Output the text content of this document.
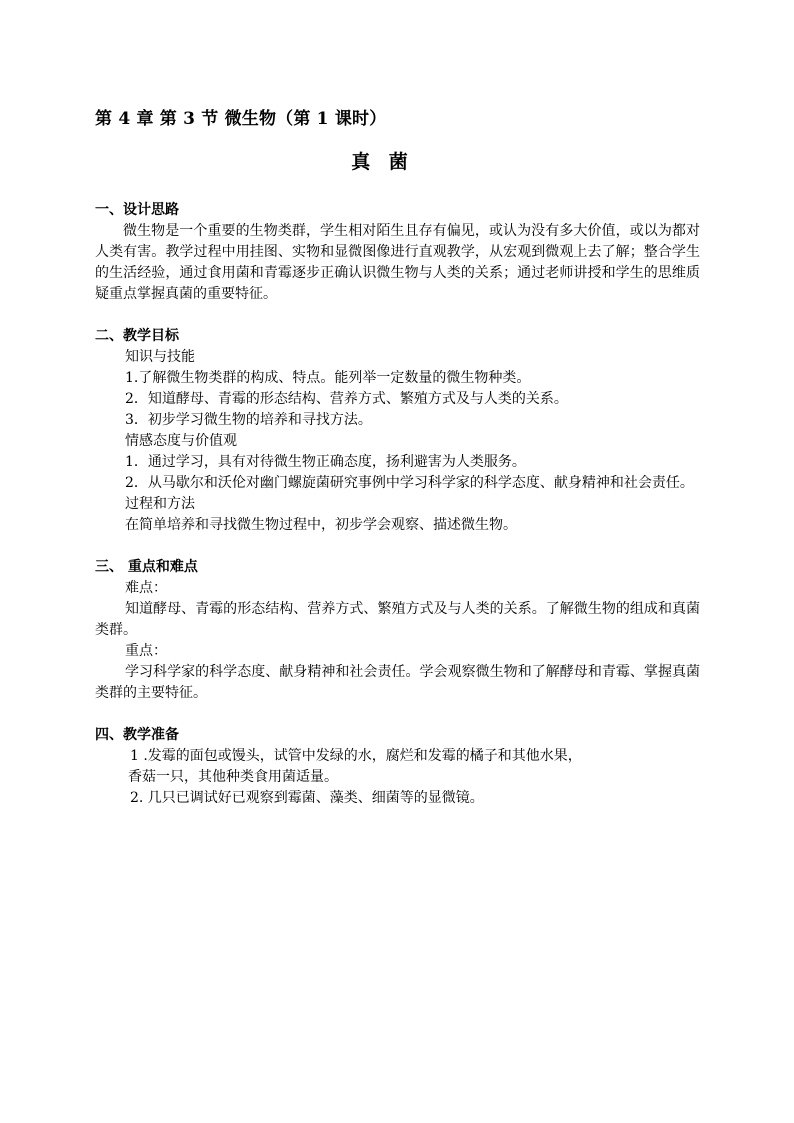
第 4 章 第 3 节 微生物（第 1 课时）
真 菌
一、设计思路
微生物是一个重要的生物类群，学生相对陌生且存有偏见，或认为没有多大价值，或以为都对人类有害。教学过程中用挂图、实物和显微图像进行直观教学，从宏观到微观上去了解；整合学生的生活经验，通过食用菌和青霉逐步正确认识微生物与人类的关系；通过老师讲授和学生的思维质疑重点掌握真菌的重要特征。
二、教学目标
知识与技能
1.了解微生物类群的构成、特点。能列举一定数量的微生物种类。
2．知道酵母、青霉的形态结构、营养方式、繁殖方式及与人类的关系。
3．初步学习微生物的培养和寻找方法。
情感态度与价值观
1．通过学习，具有对待微生物正确态度，扬利避害为人类服务。
2．从马歇尔和沃伦对幽门螺旋菌研究事例中学习科学家的科学态度、献身精神和社会责任。
过程和方法
在简单培养和寻找微生物过程中，初步学会观察、描述微生物。
三、 重点和难点
难点：
知道酵母、青霉的形态结构、营养方式、繁殖方式及与人类的关系。了解微生物的组成和真菌类群。
重点：
学习科学家的科学态度、献身精神和社会责任。学会观察微生物和了解酵母和青霉、掌握真菌类群的主要特征。
四、教学准备
1 .发霉的面包或馒头，试管中发绿的水，腐烂和发霉的橘子和其他水果，
香菇一只，其他种类食用菌适量。
2. 几只已调试好已观察到霉菌、藻类、细菌等的显微镜。
